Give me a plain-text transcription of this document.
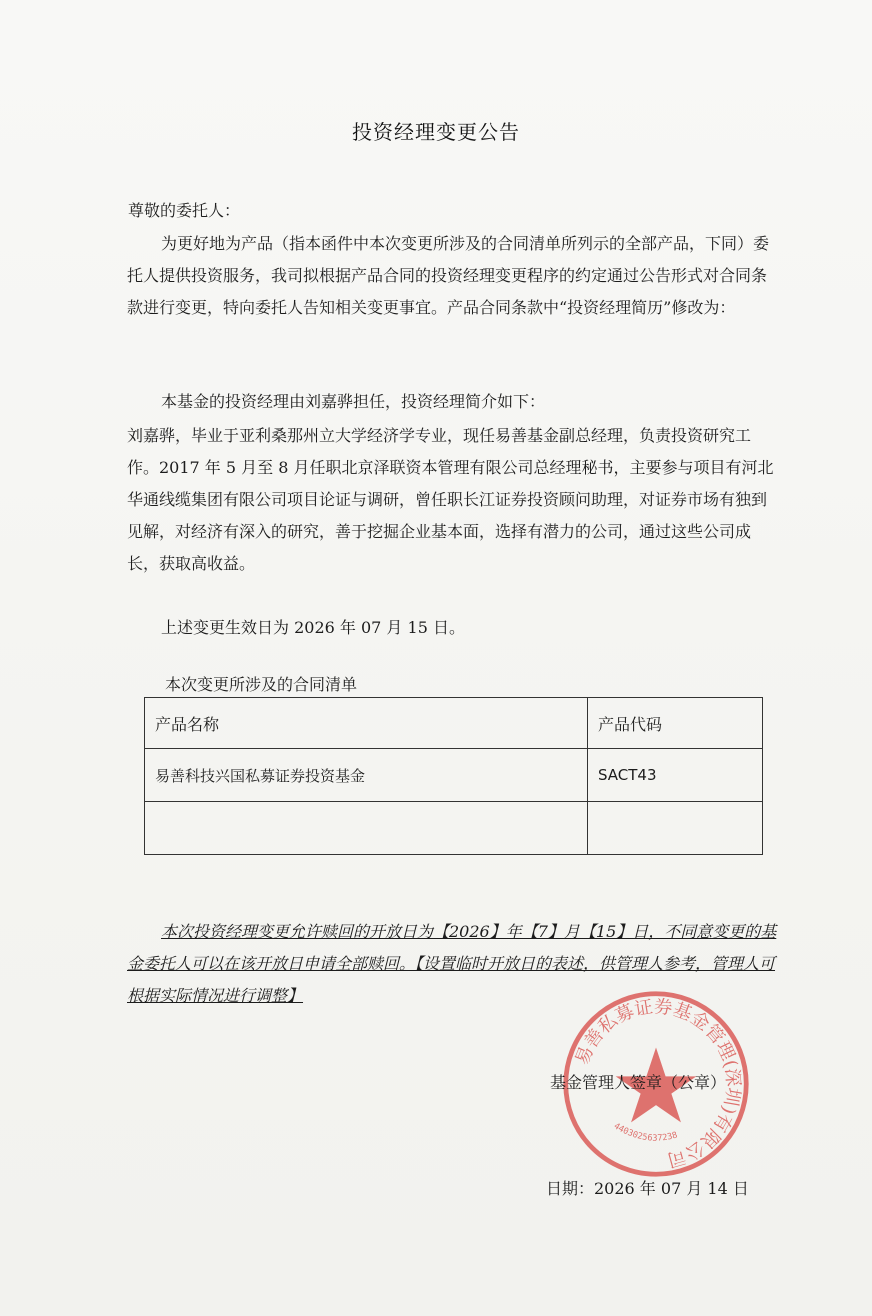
投资经理变更公告
尊敬的委托人：

为更好地为产品（指本函件中本次变更所涉及的合同清单所列示的全部产品，下同）委托人提供投资服务，我司拟根据产品合同的投资经理变更程序的约定通过公告形式对合同条款进行变更，特向委托人告知相关变更事宜。产品合同条款中“投资经理简历”修改为：

本基金的投资经理由刘嘉骅担任，投资经理简介如下：

刘嘉骅，毕业于亚利桑那州立大学经济学专业，现任易善基金副总经理，负责投资研究工作。2017 年 5 月至 8 月任职北京泽联资本管理有限公司总经理秘书，主要参与项目有河北华通线缆集团有限公司项目论证与调研，曾任职长江证券投资顾问助理，对证券市场有独到见解，对经济有深入的研究，善于挖掘企业基本面，选择有潜力的公司，通过这些公司成长，获取高收益。

上述变更生效日为 2026 年 07 月 15 日。

本次变更所涉及的合同清单
产品名称	产品代码
易善科技兴国私募证券投资基金	SACT43

本次投资经理变更允许赎回的开放日为【2026】年【7】月【15】日，不同意变更的基金委托人可以在该开放日申请全部赎回。【设置临时开放日的表述，供管理人参考，管理人可根据实际情况进行调整】

易善私募证券基金管理(深圳)有限公司
4403025637238
基金管理人签章（公章）
日期：2026 年 07 月 14 日
